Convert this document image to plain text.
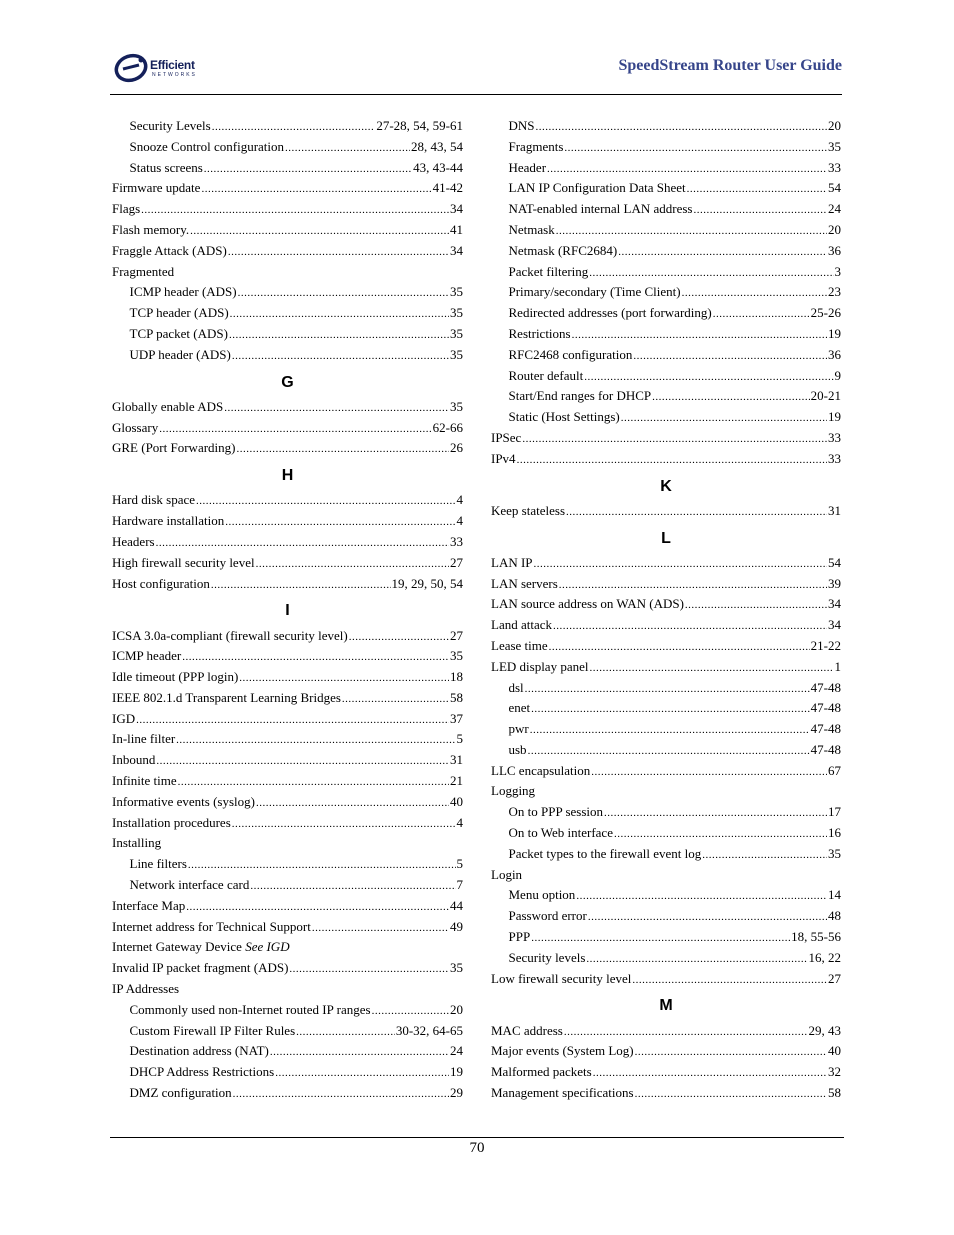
Efficient
NETWORKS
SpeedStream Router User Guide
Security Levels .....	27-28, 54, 59-61
Snooze Control configuration .....	28, 43, 54
Status screens .....	43, 43-44
Firmware update .....	41-42
Flags .....	34
Flash memory. .....	41
Fraggle Attack (ADS) .....	34
Fragmented
ICMP header (ADS) .....	35
TCP header (ADS) .....	35
TCP packet (ADS) .....	35
UDP header (ADS) .....	35
G
Globally enable ADS .....	35
Glossary .....	62-66
GRE (Port Forwarding) .....	26
H
Hard disk space .....	4
Hardware installation .....	4
Headers .....	33
High firewall security level .....	27
Host configuration .....	19, 29, 50, 54
I
ICSA 3.0a-compliant (firewall security level) .....	27
ICMP header .....	35
Idle timeout (PPP login) .....	18
IEEE 802.1.d Transparent Learning Bridges .....	58
IGD .....	37
In-line filter .....	5
Inbound .....	31
Infinite time .....	21
Informative events (syslog) .....	40
Installation procedures .....	4
Installing
Line filters .....	5
Network interface card .....	7
Interface Map .....	44
Internet address for Technical Support .....	49
Internet Gateway Device See IGD
Invalid IP packet fragment (ADS) .....	35
IP Addresses
Commonly used non-Internet routed IP ranges .....	20
Custom Firewall IP Filter Rules .....	30-32, 64-65
Destination address (NAT) .....	24
DHCP Address Restrictions .....	19
DMZ configuration .....	29
DNS .....	20
Fragments .....	35
Header .....	33
LAN IP Configuration Data Sheet .....	54
NAT-enabled internal LAN address .....	24
Netmask .....	20
Netmask (RFC2684) .....	36
Packet filtering .....	3
Primary/secondary (Time Client) .....	23
Redirected addresses (port forwarding) .....	25-26
Restrictions .....	19
RFC2468 configuration .....	36
Router default .....	9
Start/End ranges for DHCP .....	20-21
Static (Host Settings) .....	19
IPSec .....	33
IPv4 .....	33
K
Keep stateless .....	31
L
LAN IP .....	54
LAN servers .....	39
LAN source address on WAN (ADS) .....	34
Land attack .....	34
Lease time .....	21-22
LED display panel .....	1
dsl .....	47-48
enet .....	47-48
pwr .....	47-48
usb .....	47-48
LLC encapsulation .....	67
Logging
On to PPP session .....	17
On to Web interface .....	16
Packet types to the firewall event log .....	35
Login
Menu option .....	14
Password error .....	48
PPP .....	18, 55-56
Security levels .....	16, 22
Low firewall security level .....	27
M
MAC address .....	29, 43
Major events (System Log) .....	40
Malformed packets .....	32
Management specifications .....	58
70
